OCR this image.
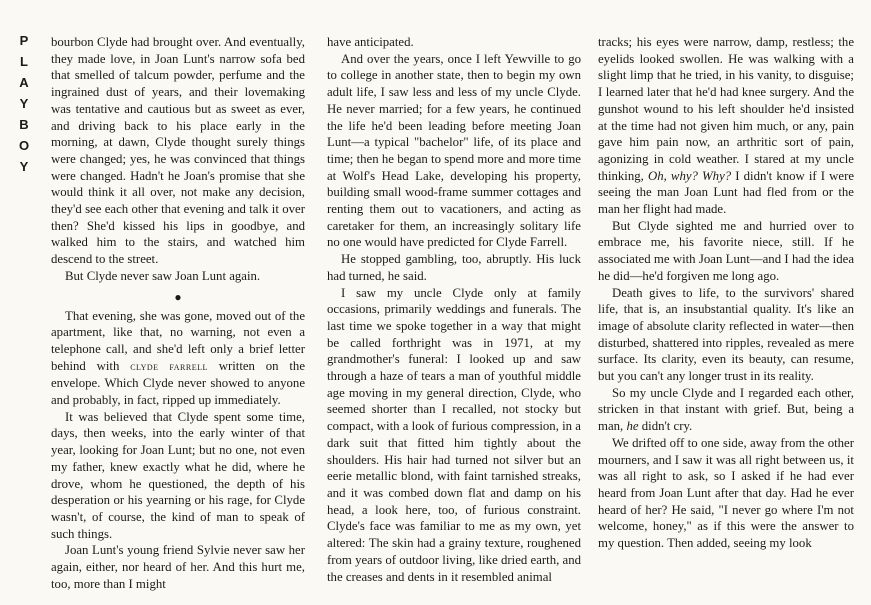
P
L
A
Y
B
O
Y

bourbon Clyde had brought over. And eventually, they made love, in Joan Lunt's narrow sofa bed that smelled of talcum powder, perfume and the ingrained dust of years, and their lovemaking was tentative and cautious but as sweet as ever, and driving back to his place early in the morning, at dawn, Clyde thought surely things were changed; yes, he was convinced that things were changed. Hadn't he Joan's promise that she would think it all over, not make any decision, they'd see each other that evening and talk it over then? She'd kissed his lips in goodbye, and walked him to the stairs, and watched him descend to the street.

But Clyde never saw Joan Lunt again.

●

That evening, she was gone, moved out of the apartment, like that, no warning, not even a telephone call, and she'd left only a brief letter behind with clyde farrell written on the envelope. Which Clyde never showed to anyone and probably, in fact, ripped up immediately.

It was believed that Clyde spent some time, days, then weeks, into the early winter of that year, looking for Joan Lunt; but no one, not even my father, knew exactly what he did, where he drove, whom he questioned, the depth of his desperation or his yearning or his rage, for Clyde wasn't, of course, the kind of man to speak of such things.

Joan Lunt's young friend Sylvie never saw her again, either, nor heard of her. And this hurt me, too, more than I might

have anticipated.

And over the years, once I left Yewville to go to college in another state, then to begin my own adult life, I saw less and less of my uncle Clyde. He never married; for a few years, he continued the life he'd been leading before meeting Joan Lunt—a typical "bachelor" life, of its place and time; then he began to spend more and more time at Wolf's Head Lake, developing his property, building small wood-frame summer cottages and renting them out to vacationers, and acting as caretaker for them, an increasingly solitary life no one would have predicted for Clyde Farrell.

He stopped gambling, too, abruptly. His luck had turned, he said.

I saw my uncle Clyde only at family occasions, primarily weddings and funerals. The last time we spoke together in a way that might be called forthright was in 1971, at my grandmother's funeral: I looked up and saw through a haze of tears a man of youthful middle age moving in my general direction, Clyde, who seemed shorter than I recalled, not stocky but compact, with a look of furious compression, in a dark suit that fitted him tightly about the shoulders. His hair had turned not silver but an eerie metallic blond, with faint tarnished streaks, and it was combed down flat and damp on his head, a look here, too, of furious constraint. Clyde's face was familiar to me as my own, yet altered: The skin had a grainy texture, roughened from years of outdoor living, like dried earth, and the creases and dents in it resembled animal

tracks; his eyes were narrow, damp, restless; the eyelids looked swollen. He was walking with a slight limp that he tried, in his vanity, to disguise; I learned later that he'd had knee surgery. And the gunshot wound to his left shoulder he'd insisted at the time had not given him much, or any, pain gave him pain now, an arthritic sort of pain, agonizing in cold weather. I stared at my uncle thinking, Oh, why? Why? I didn't know if I were seeing the man Joan Lunt had fled from or the man her flight had made.

But Clyde sighted me and hurried over to embrace me, his favorite niece, still. If he associated me with Joan Lunt—and I had the idea he did—he'd forgiven me long ago.

Death gives to life, to the survivors' shared life, that is, an insubstantial quality. It's like an image of absolute clarity reflected in water—then disturbed, shattered into ripples, revealed as mere surface. Its clarity, even its beauty, can resume, but you can't any longer trust in its reality.

So my uncle Clyde and I regarded each other, stricken in that instant with grief. But, being a man, he didn't cry.

We drifted off to one side, away from the other mourners, and I saw it was all right between us, it was all right to ask, so I asked if he had ever heard from Joan Lunt after that day. Had he ever heard of her? He said, "I never go where I'm not welcome, honey," as if this were the answer to my question. Then added, seeing my look
